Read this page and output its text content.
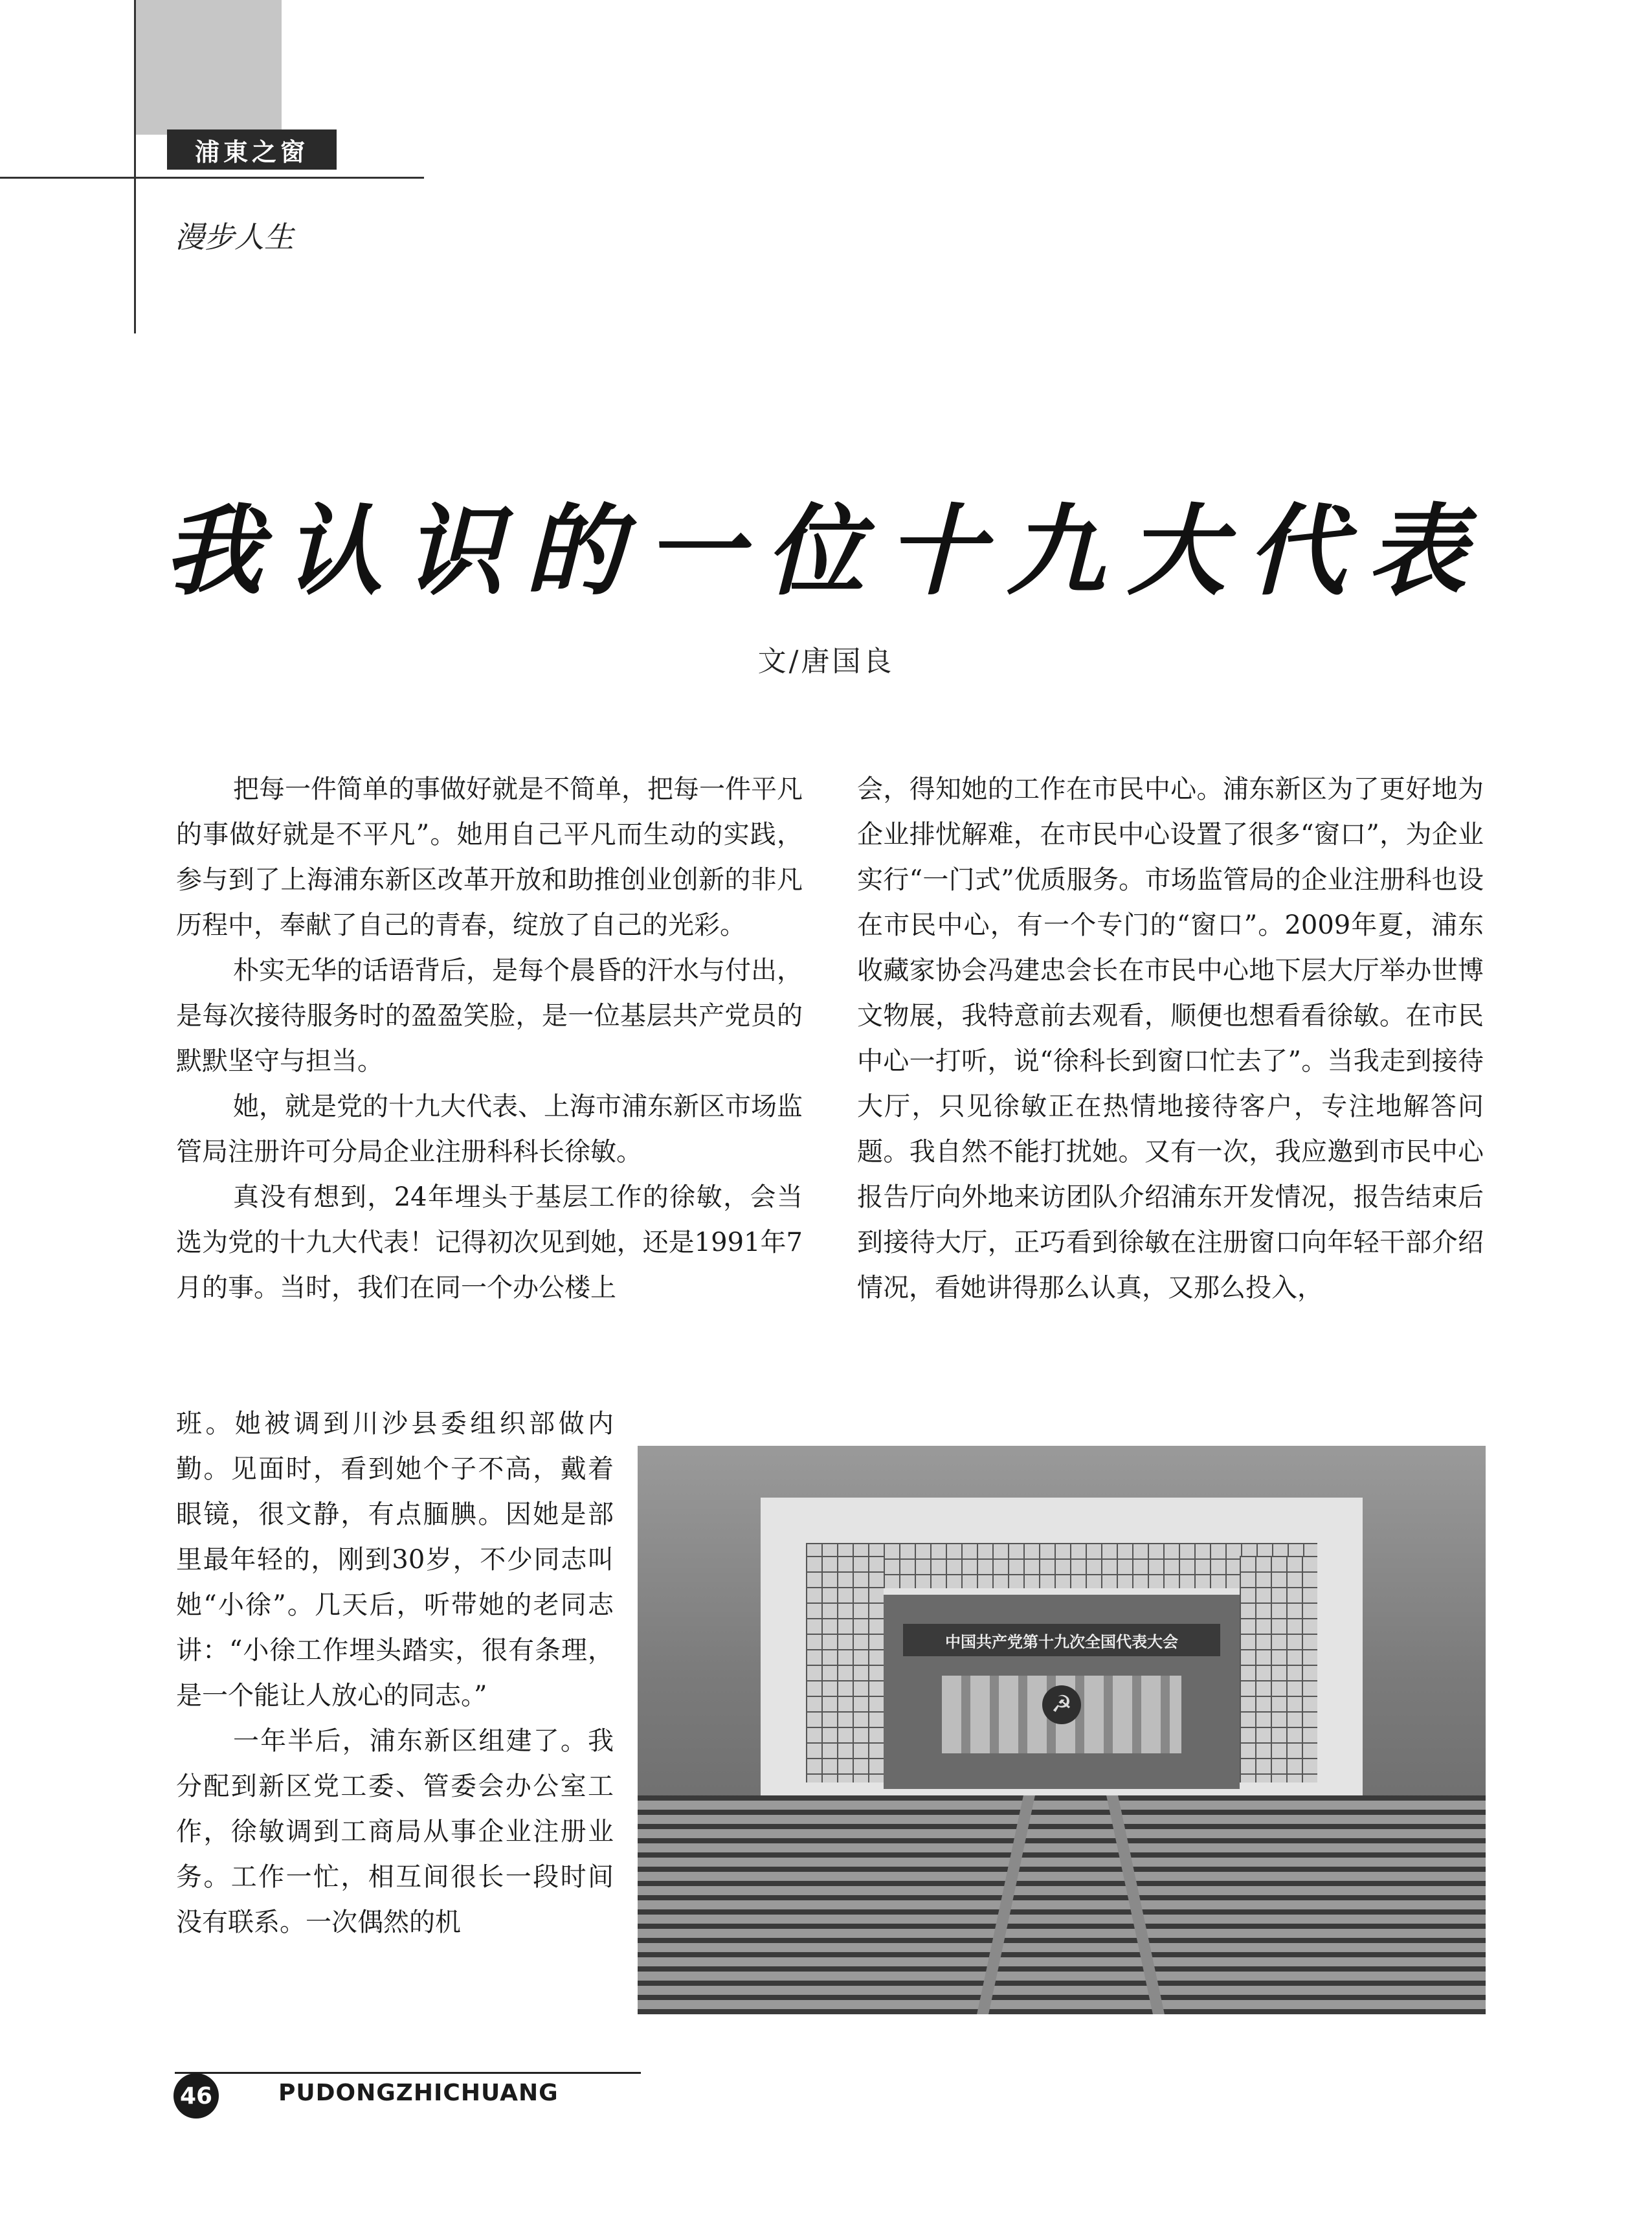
浦東之窗
漫步人生
我认识的一位十九大代表
文/唐国良

把每一件简单的事做好就是不简单，把每一件平凡的事做好就是不平凡”。她用自己平凡而生动的实践，参与到了上海浦东新区改革开放和助推创业创新的非凡历程中，奉献了自己的青春，绽放了自己的光彩。

朴实无华的话语背后，是每个晨昏的汗水与付出，是每次接待服务时的盈盈笑脸，是一位基层共产党员的默默坚守与担当。

她，就是党的十九大代表、上海市浦东新区市场监管局注册许可分局企业注册科科长徐敏。

真没有想到，24年埋头于基层工作的徐敏，会当选为党的十九大代表！记得初次见到她，还是1991年7月的事。当时，我们在同一个办公楼上

会，得知她的工作在市民中心。浦东新区为了更好地为企业排忧解难，在市民中心设置了很多“窗口”，为企业实行“一门式”优质服务。市场监管局的企业注册科也设在市民中心，有一个专门的“窗口”。2009年夏，浦东收藏家协会冯建忠会长在市民中心地下层大厅举办世博文物展，我特意前去观看，顺便也想看看徐敏。在市民中心一打听，说“徐科长到窗口忙去了”。当我走到接待大厅，只见徐敏正在热情地接待客户，专注地解答问题。我自然不能打扰她。又有一次，我应邀到市民中心报告厅向外地来访团队介绍浦东开发情况，报告结束后到接待大厅，正巧看到徐敏在注册窗口向年轻干部介绍情况，看她讲得那么认真，又那么投入，

班。她被调到川沙县委组织部做内勤。见面时，看到她个子不高，戴着眼镜，很文静，有点腼腆。因她是部里最年轻的，刚到30岁，不少同志叫她“小徐”。几天后，听带她的老同志讲：“小徐工作埋头踏实，很有条理，是一个能让人放心的同志。”

一年半后，浦东新区组建了。我分配到新区党工委、管委会办公室工作，徐敏调到工商局从事企业注册业务。工作一忙，相互间很长一段时间没有联系。一次偶然的机

中国共产党第十九次全国代表大会
☭
46	PUDONGZHICHUANG
